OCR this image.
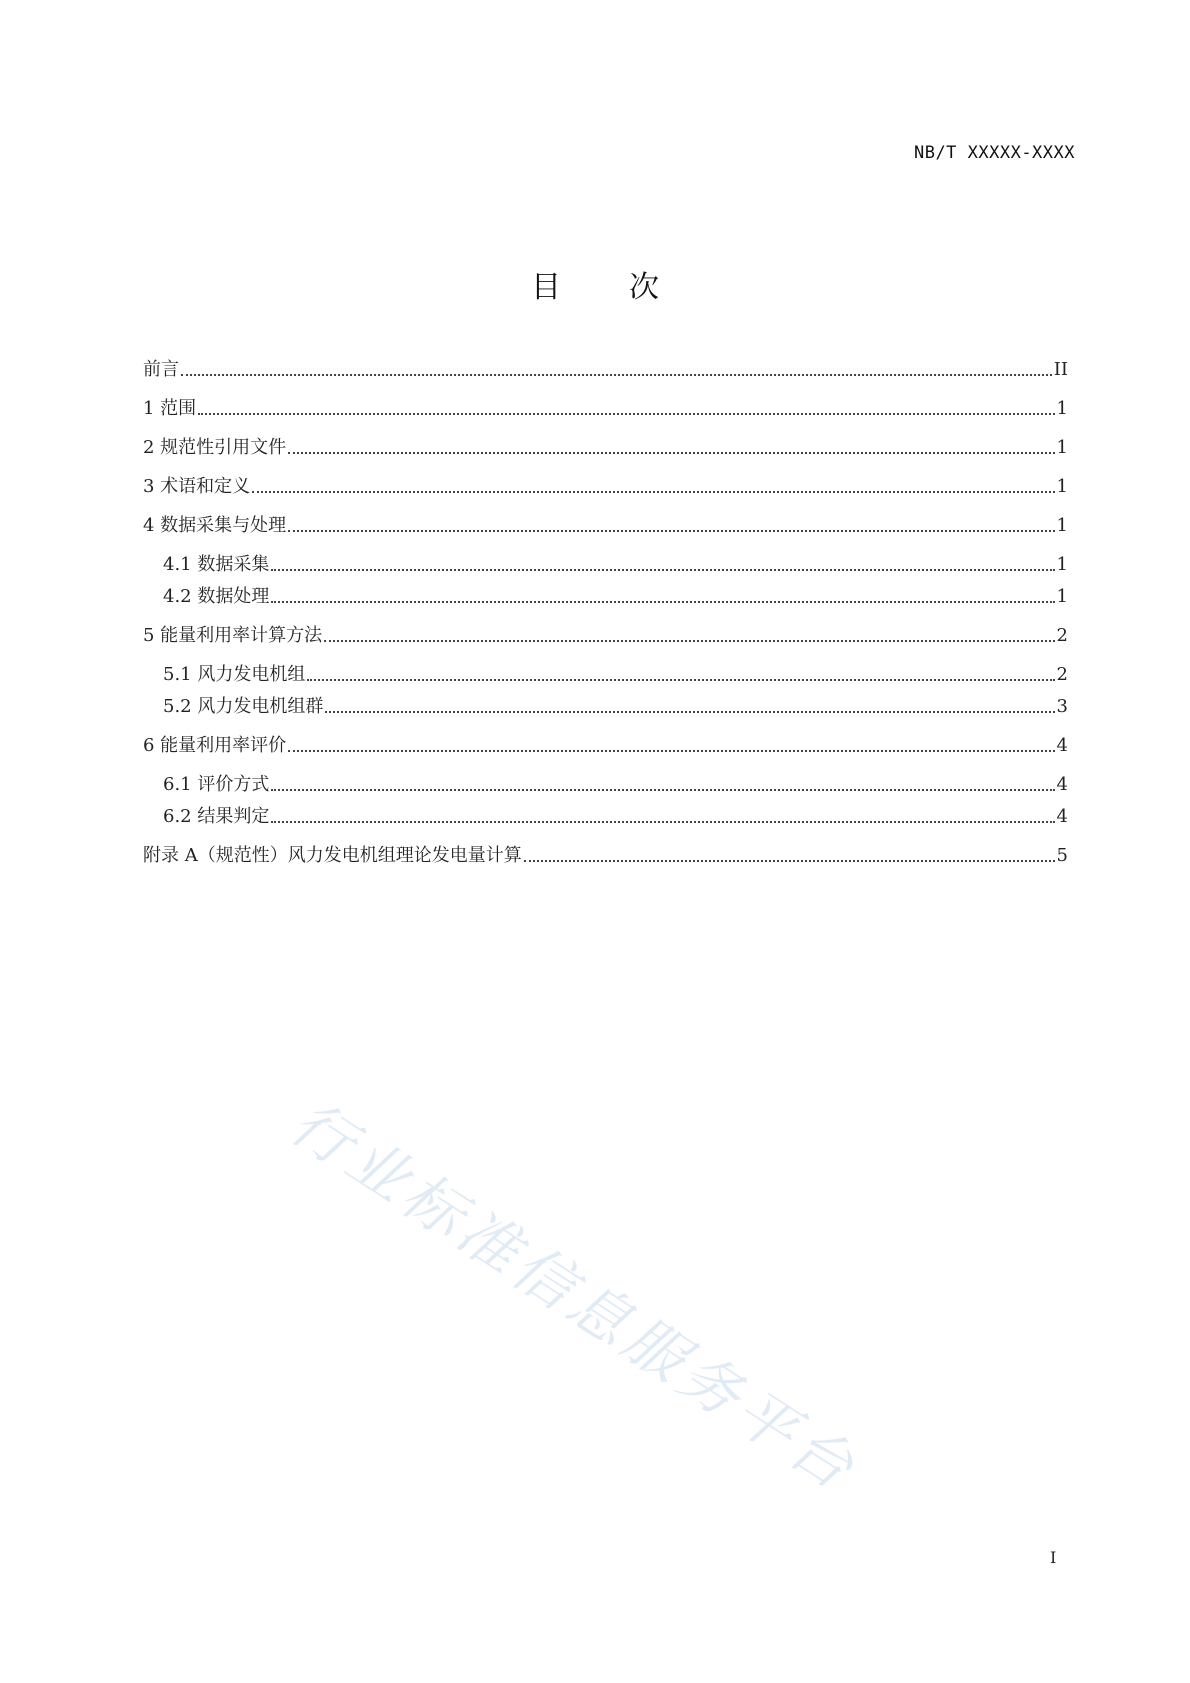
NB/T XXXXX-XXXX
目 次
前言	II
1 范围	1
2 规范性引用文件	1
3 术语和定义	1
4 数据采集与处理	1
4.1 数据采集	1
4.2 数据处理	1
5 能量利用率计算方法	2
5.1 风力发电机组	2
5.2 风力发电机组群	3
6 能量利用率评价	4
6.1 评价方式	4
6.2 结果判定	4
附录 A（规范性）风力发电机组理论发电量计算	5
行业标准信息服务平台
I
